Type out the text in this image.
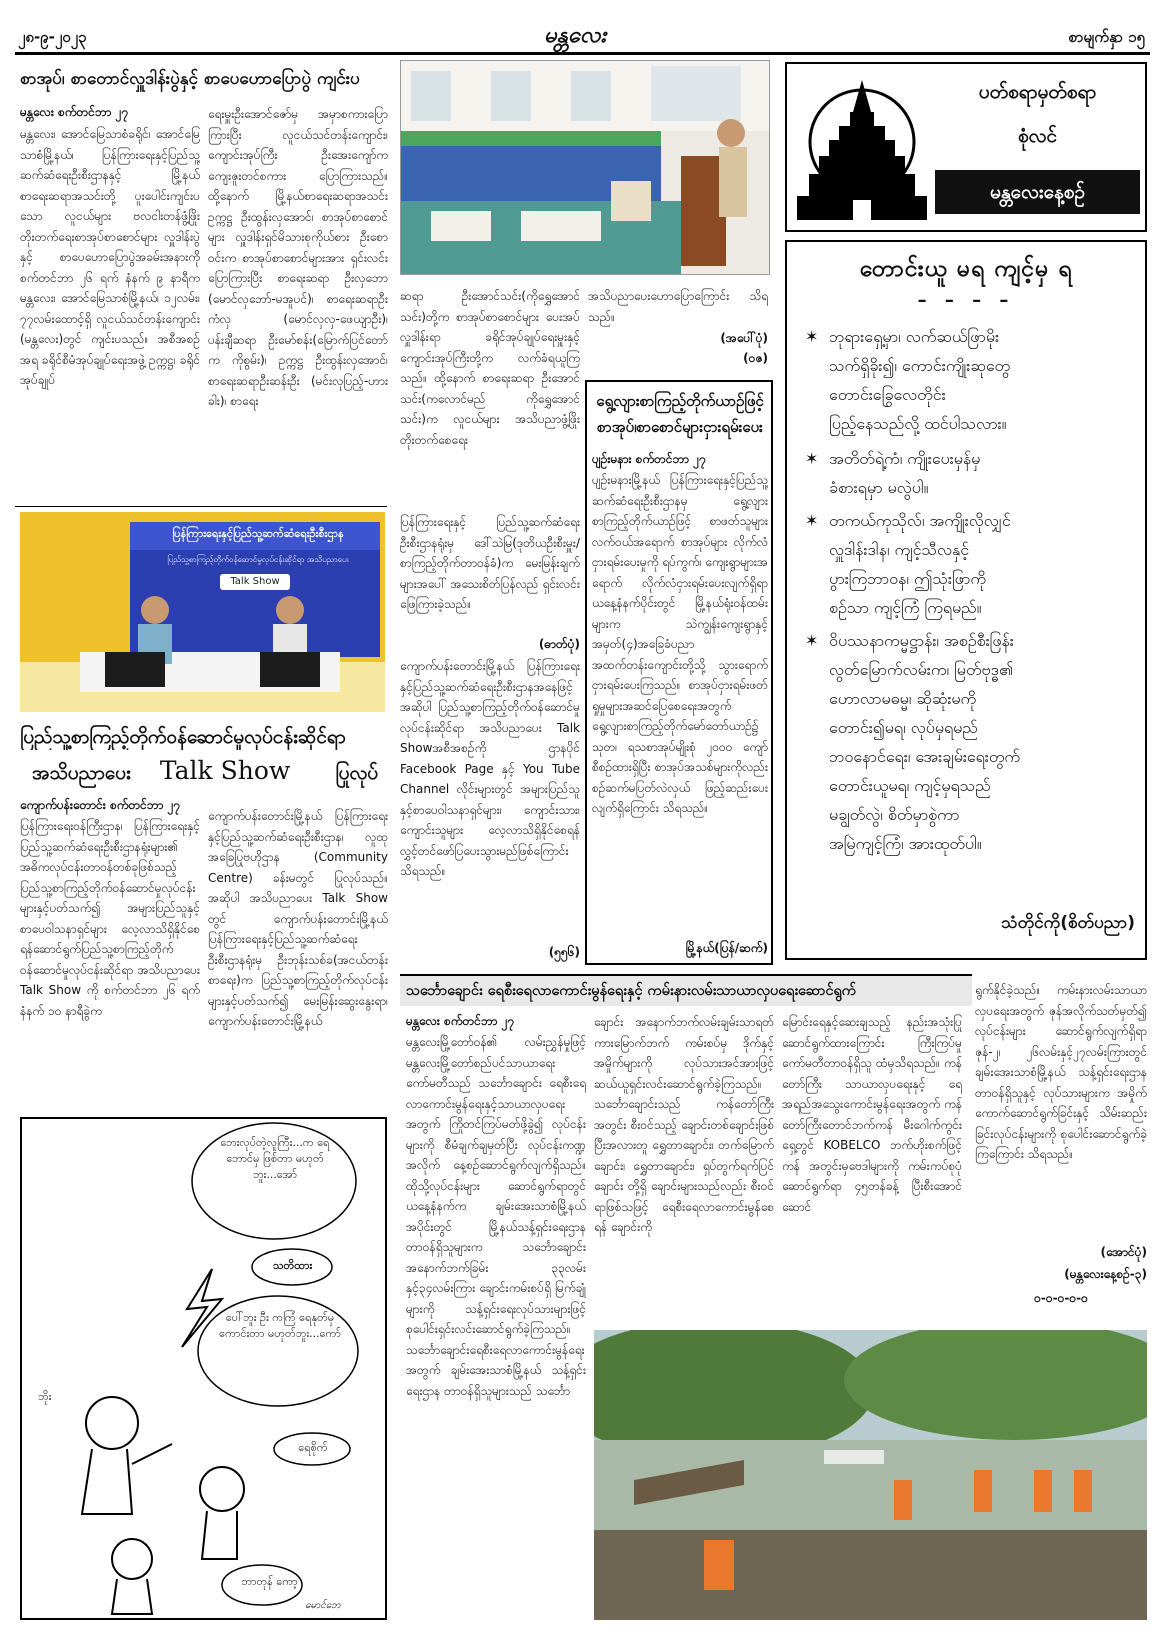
၂၈-၉-၂၀၂၃	မန္တလေး	စာမျက်နှာ ၁၅
စာအုပ်၊ စာတောင်လှူဒါန်းပွဲနှင့် စာပေဟောပြောပွဲ ကျင်းပ
မန္တလေး စက်တင်ဘာ ၂၇
မန္တလေး၊ အောင်မြေသာစံခရိုင်၊ အောင်မြေသာစံမြို့နယ်၊ ပြန်ကြားရေးနှင့်ပြည်သူ့ဆက်ဆံရေးဦးစီးဌာနနှင့် မြို့နယ်စာရေးဆရာအသင်းတို့ ပူးပေါင်းကျင်းပသော လူငယ်များ ဗလငါးတန်ဖွံ့ဖြိုးတိုးတက်ရေးစာအုပ်စာစောင်များ လှူဒါန်းပွဲနှင့် စာပေဟောပြောပွဲအခမ်းအနားကို စက်တင်ဘာ ၂၆ ရက် နံနက် ၉ နာရီက မန္တလေး၊ အောင်မြေသာစံမြို့နယ်၊ ၁၂လမ်း၊ ၇၇လမ်းထောင့်ရှိ လူငယ်သင်တန်းကျောင်း (မန္တလေး)တွင် ကျင်းပသည်။ အစီအစဉ်အရ ခရိုင်စီမံအုပ်ချုပ်ရေးအဖွဲ့ ဥက္ကဋ္ဌ၊ ခရိုင်အုပ်ချုပ်
ရေးမှူးဦးအောင်ဇော်မှ အမှာစကားပြောကြားပြီး လူငယ်သင်တန်းကျောင်း၊ ကျောင်းအုပ်ကြီး ဦးအေးကျော်က ကျေးဇူးတင်စကား ပြောကြားသည်။ ထို့နောက် မြို့နယ်စာရေးဆရာအသင်းဥက္ကဋ္ဌ ဦးထွန်းလှအောင်၊ စာအုပ်စာစောင်များ လှူဒါန်းရှင်မိသားစုကိုယ်စား ဦးစောဝင်းက စာအုပ်စာစောင်များအား ရှင်းလင်းပြောကြားပြီး စာရေးဆရာ ဦးလှဘော (မောင်လှဘော်-မအူပင်)၊ စာရေးဆရာဦးကံလှ (မောင်လှလှ-ဖေယျာဦး)၊ ပန်းချီဆရာ ဦးမော်စန်း(မြောက်ပြင်တော်က ကိုစွမ်း)၊ ဥက္ကဋ္ဌ ဦးထွန်းလှအောင်၊ စာရေးဆရာဦးဆန်းဦး (မင်းလုပြည့်-ဟားခါး)၊ စာရေး
ဆရာ ဦးအောင်သင်း(ကိုရွှေအောင်သင်း)တို့က စာအုပ်စာစောင်များ ပေးအပ်လှူဒါန်းရာ ခရိုင်အုပ်ချုပ်ရေးမှူးနှင့် ကျောင်းအုပ်ကြီးတို့က လက်ခံရယူကြသည်။ ထို့နောက် စာရေးဆရာ ဦးအောင်သင်း(ကလောင်မည် ကိုရွှေအောင်သင်း)က လူငယ်များ အသိပညာဖွံ့ဖြိုးတိုးတက်စေရေး
အသိပညာပေးဟောပြောကြောင်း သိရသည်။
(အပေါ်ပုံ)
(ဝဇ)
ပြန်ကြားရေးနှင့်ပြည်သူ့ဆက်ဆံရေးဦးစီးဌာန
ပြည်သူ့စာကြည့်တိုက်ဝန်ဆောင်မှုလုပ်ငန်းဆိုင်ရာ အသိပညာပေး
Talk Show
ပြည်သူ့စာကြည့်တိုက်ဝန်ဆောင်မှုလုပ်ငန်းဆိုင်ရာ
အသိပညာပေး Talk Show ပြုလုပ်
ကျောက်ပန်းတောင်း စက်တင်ဘာ ၂၇
ပြန်ကြားရေးဝန်ကြီးဌာန၊ ပြန်ကြားရေးနှင့် ပြည်သူ့ဆက်ဆံရေးဦးစီးဌာနရုံးများ၏ အဓိကလုပ်ငန်းတာဝန်တစ်ခုဖြစ်သည့် ပြည်သူ့စာကြည့်တိုက်ဝန်ဆောင်မှုလုပ်ငန်းများနှင့်ပတ်သက်၍ အများပြည်သူနှင့် စာပေဝါသနာရှင်များ လေ့လာသိရှိနိုင်စေရန်ဆောင်ရွက်ပြည်သူ့စာကြည့်တိုက်ဝန်ဆောင်မှုလုပ်ငန်းဆိုင်ရာ အသိပညာပေး Talk Show ကို စက်တင်ဘာ ၂၆ ရက် နံနက် ၁၀ နာရီခွဲက
ကျောက်ပန်းတောင်းမြို့နယ် ပြန်ကြားရေးနှင့်ပြည်သူ့ဆက်ဆံရေးဦးစီးဌာန၊ လူထုအခြေပြုဗဟိုဌာန (Community Centre) ခန်းမတွင် ပြုလုပ်သည်။ အဆိုပါ အသိပညာပေး Talk Show တွင် ကျောက်ပန်းတောင်းမြို့နယ်ပြန်ကြားရေးနှင့်ပြည်သူ့ဆက်ဆံရေးဦးစီးဌာနရုံးမှ ဦးဘုန်းသစ်ခ(အငယ်တန်းစာရေး)က ပြည်သူ့စာကြည့်တိုက်လုပ်ငန်းများနှင့်ပတ်သက်၍ မေးမြန်းဆွေးနွေးရာ၊ ကျောက်ပန်းတောင်းမြို့နယ်
ပြန်ကြားရေးနှင့် ပြည်သူ့ဆက်ဆံရေးဦးစီးဌာနရုံးမှ ဒေါ်သဲမြ(ဒုတိယဦးစီးမှူး/စာကြည့်တိုက်တာဝန်ခံ)က မေးမြန်းချက်များအပေါ် အသေးစိတ်ပြန်လည် ရှင်းလင်းဖြေကြားခဲ့သည်။
(ဓာတ်ပုံ)
ကျောက်ပန်းတောင်းမြို့နယ် ပြန်ကြားရေးနှင့်ပြည်သူ့ဆက်ဆံရေးဦးစီးဌာနအနေဖြင့် အဆိုပါ ပြည်သူ့စာကြည့်တိုက်ဝန်ဆောင်မှု လုပ်ငန်းဆိုင်ရာ အသိပညာပေး Talk Showအစီအစဉ်ကို ဌာနပိုင် Facebook Page နှင့် You Tube Channel လိုင်းများတွင် အများပြည်သူနှင့်စာပေဝါသနာရှင်များ၊ ကျောင်းသား၊ ကျောင်းသူများ လေ့လာသိရှိနိုင်စေရန် လွှင့်တင်ဖော်ပြပေးသွားမည်ဖြစ်ကြောင်း သိရသည်။
(၅၅၆)
ရွေ့လျားစာကြည့်တိုက်ယာဉ်ဖြင့် စာအုပ်၊စာစောင်များငှားရမ်းပေး
ပျဉ်းမနား စက်တင်ဘာ ၂၇
ပျဉ်းမနားမြို့နယ် ပြန်ကြားရေးနှင့်ပြည်သူ့ဆက်ဆံရေးဦးစီးဌာနမှ ရွေ့လျားစာကြည့်တိုက်ယာဉ်ဖြင့် စာဖတ်သူများ လက်ဝယ်အရောက် စာအုပ်များ လိုက်လံငှားရမ်းပေးမှုကို ရပ်ကွက်၊ ကျေးရွာများအရောက် လိုက်လံငှားရမ်းပေးလျက်ရှိရာ ယနေ့နံနက်ပိုင်းတွင် မြို့နယ်ရုံးဝန်ထမ်းများက သဲကျွန်းကျေးရွာနှင့် အမှတ်(၄)အခြေခံပညာအထက်တန်းကျောင်းတို့သို့ သွားရောက်ငှားရမ်းပေးကြသည်။ စာအုပ်ငှားရမ်းဖတ်ရှုမှုများအဆင်ပြေစေရေးအတွက် ရွေ့လျားစာကြည့်တိုက်မော်တော်ယာဉ်၌ သုတ၊ ရသစာအုပ်မျိုးစုံ ၂၀၀၀ ကျော်စီစဉ်ထားရှိပြီး စာအုပ်အသစ်များကိုလည်း စဉ်ဆက်မပြတ်လဲလှယ် ဖြည့်ဆည်းပေးလျက်ရှိကြောင်း သိရသည်။
မြို့နယ်(ပြန်/ဆက်)
ပတ်စရာမှတ်စရာ
စုံလင်
မန္တလေးနေ့စဉ်
တောင်းယူ မရ ကျင့်မှ ရ
– – – –
✶ ဘုရားရှေ့မှာ၊ လက်ဆယ်ဖြာမိုး
သက်ရှိခိုး၍၊ ကောင်းကျိုးဆုတွေ
တောင်းခြွေလေတိုင်း
ပြည့်နေသည်လို့ ထင်ပါသလား။
✶ အတိတ်ရဲ့ကံ၊ ကျိုးပေးမှန်မှ
ခံစားရမှာ မလွဲပါ။
✶ တကယ်ကုသိုလ်၊ အကျိုးလိုလျှင်
လှူဒါန်းဒါန၊ ကျင့်သီလနှင့်
ပွားကြဘာဝန၊ ဤသုံးဖြာကို
စဉ်သာ ကျင့်ကြံ ကြရမည်။
✶ ဝိပဿနာကမ္မဋ္ဌာန်း၊ အစဉ်စီးဖြန်း
လွတ်မြောက်လမ်းက၊ မြတ်ဗုဒ္ဓ၏
ဟောလာမဓမ္မ၊ ဆိုဆုံးမကို
တောင်း၍မရ၊ လုပ်မှရမည်
ဘဝနောင်ရေး၊ အေးချမ်းရေးတွက်
တောင်းယူမရ၊ ကျင့်မှရသည်
မချွတ်လွဲ၊ စိတ်မှာစွဲကာ
အမြဲကျင့်ကြံ၊ အားထုတ်ပါ။
သံတိုင်ကို(စိတ်ပညာ)
သင်္ဘောချောင်း ရေစီးရေလာကောင်းမွန်ရေးနှင့် ကမ်းနားလမ်းသာယာလှပရေးဆောင်ရွက်
မန္တလေး စက်တင်ဘာ ၂၇
မန္တလေးမြို့တော်ဝန်၏ လမ်းညွှန်မှုဖြင့် မန္တလေးမြို့တော်စည်ပင်သာယာရေးကော်မတီသည် သင်္ဘောချောင်း ရေစီးရေလာကောင်းမွန်ရေးနှင့်သာယာလှပရေးအတွက် ကြိုတင်ကြပ်မတ်ဖို့ခွဲ၍ လုပ်ငန်းများကို စီမံချက်ချမှတ်ပြီး လုပ်ငန်းကဏ္ဍအလိုက် နေ့စဉ်ဆောင်ရွက်လျက်ရှိသည်။ ထိုသို့လုပ်ငန်းများ ဆောင်ရွက်ရာတွင် ယနေ့နံနက်က ချမ်းအေးသာစံမြို့နယ်အပိုင်းတွင် မြို့နယ်သန့်ရှင်းရေးဌာန တာဝန်ရှိသူများက သင်္ဘောချောင်းအနောက်ဘက်ခြမ်း ၃၃လမ်းနှင့်၃၄လမ်းကြား ချောင်းကမ်းစပ်ရှိ မြက်ချုံများကို သန့်ရှင်းရေးလုပ်သားများဖြင့် စုပေါင်းရှင်းလင်းဆောင်ရွက်ခဲ့ကြသည်။ သင်္ဘောချောင်းရေစီးရေလာကောင်းမွန်ရေးအတွက် ချမ်းအေးသာစံမြို့နယ် သန့်ရှင်းရေးဌာန တာဝန်ရှိသူများသည် သင်္ဘော
ချောင်း အနောက်ဘက်လမ်းချမ်းသာရတ်ကားမြောက်ဘက် ကမ်းစပ်မှ ဒိုက်နှင့်အမှိုက်များကို လုပ်သားအင်အားဖြင့် ဆယ်ယူရှင်းလင်းဆောင်ရွက်ခဲ့ကြသည်။ သင်္ဘောချောင်းသည် ကန်တော်ကြီးအတွင်း စီးဝင်သည့် ချောင်းတစ်ချောင်းဖြစ်ပြီးအလားတူ ရွှေတာချောင်း၊ တက်မြောက်ချောင်း၊ ရွှေတာချောင်း၊ ရှပ်တွက်ရက်ပြင်ချောင်း တို့ရှိ ချောင်းများသည်လည်း စီးဝင်ရာဖြစ်သဖြင့် ရေစီးရေလာကောင်းမွန်စေရန် ချောင်းကို
မြောင်းရေနှင့်ဆေးချသည့် နည်းအသုံးပြုဆောင်ရွက်ထားကြောင်း ကြီးကြပ်မှုကော်မတီတာဝန်ရှိသူ ထံမှသိရသည်။ ကန်တော်ကြီး သာယာလှပရေးနှင့် ရေအရည်အသွေးကောင်းမွန်ရေးအတွက် ကန်တော်ကြီးတောင်ဘက်ကန် မီးဂေါက်ကွင်းရှေ့တွင် KOBELCO ဘက်ဟိုးစက်ဖြင့်ကန် အတွင်းမှဗေဒါများကို ကမ်းကပ်စုပုံဆောင်ရွက်ရာ ၄၅တန်ခန့် ပြီးစီးအောင် ဆောင်
ရွက်နိုင်ခဲ့သည်။ ကမ်းနားလမ်းသာယာလှပရေးအတွက် ဇုန်အလိုက်သတ်မှတ်၍ လုပ်ငန်းများ ဆောင်ရွက်လျက်ရှိရာ ဇုန်-၂၊ ၂၆လမ်းနှင့်၂၇လမ်းကြားတွင် ချမ်းအေးသာစံမြို့နယ် သန့်ရှင်းရေးဌာန တာဝန်ရှိသူနှင့် လုပ်သားများက အမှိုက်ကောက်ဆောင်ရွက်ခြင်းနှင့် သိမ်းဆည်းခြင်းလုပ်ငန်းများကို စုပေါင်းဆောင်ရွက်ခဲ့ကြကြောင်း သိရသည်။
(အောင်ပုံ)
(မန္တလေးနေ့စဉ်-၃)
၀-၀-၀-၀-၀
ဘေးလုပ်တဲ့လူကြီး...က ရေဘောင်မှ ဖြစ်တာ မဟုတ်ဘူး...အော်
သတိထား
ပေါ်ဘူး ဦး ကကြံ ရေနုတ်မှ ကောင်းတာ မဟုတ်ဘူး...ကော်
ရေစိုက်
ဘာတုန် ကော့
ဘိုး
မောင်ဘေ
